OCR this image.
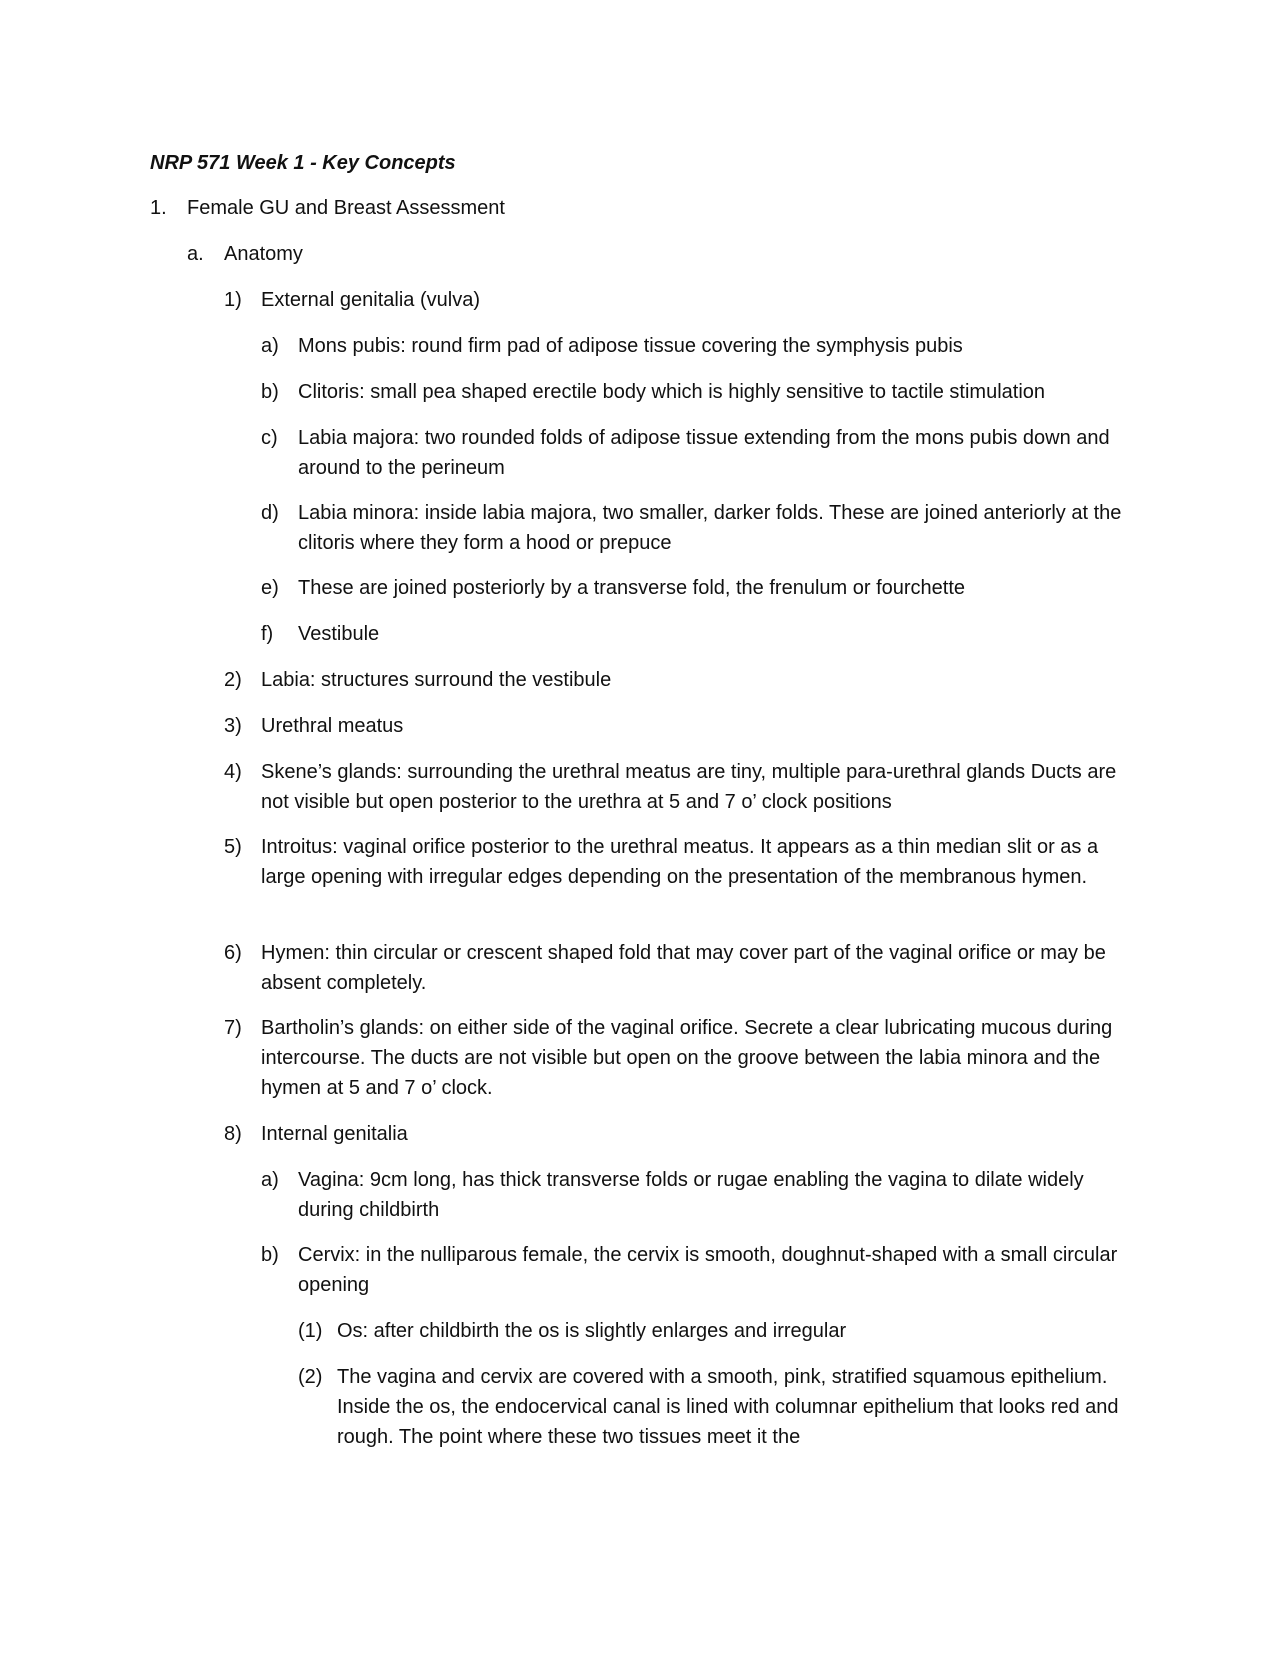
NRP 571 Week 1 - Key Concepts
1.	Female GU and Breast Assessment
a.	Anatomy
1) External genitalia (vulva)
a) Mons pubis: round firm pad of adipose tissue covering the symphysis pubis
b) Clitoris: small pea shaped erectile body which is highly sensitive to tactile stimulation
c)	Labia majora: two rounded folds of adipose tissue extending from the mons pubis down and around to the perineum
d) Labia minora: inside labia majora, two smaller, darker folds. These are joined anteriorly at the clitoris where they form a hood or prepuce
e) These are joined posteriorly by a transverse fold, the frenulum or fourchette
f)	Vestibule
2) Labia: structures surround the vestibule
3) Urethral meatus
4) Skene’s glands: surrounding the urethral meatus are tiny, multiple para-urethral glands Ducts are not visible but open posterior to the urethra at 5 and 7 o’ clock positions
5) Introitus: vaginal orifice posterior to the urethral meatus. It appears as a thin median slit or as a large opening with irregular edges depending on the presentation of the membranous hymen.
6) Hymen: thin circular or crescent shaped fold that may cover part of the vaginal orifice or may be absent completely.
7) Bartholin’s glands: on either side of the vaginal orifice. Secrete a clear lubricating mucous during intercourse. The ducts are not visible but open on the groove between the labia minora and the hymen at 5 and 7 o’ clock.
8) Internal genitalia
a) Vagina: 9cm long, has thick transverse folds or rugae enabling the vagina to dilate widely during childbirth
b) Cervix: in the nulliparous female, the cervix is smooth, doughnut-shaped with a small circular opening
(1) Os: after childbirth the os is slightly enlarges and irregular
(2) The vagina and cervix are covered with a smooth, pink, stratified squamous epithelium. Inside the os, the endocervical canal is lined with columnar epithelium that looks red and rough. The point where these two tissues meet it the
